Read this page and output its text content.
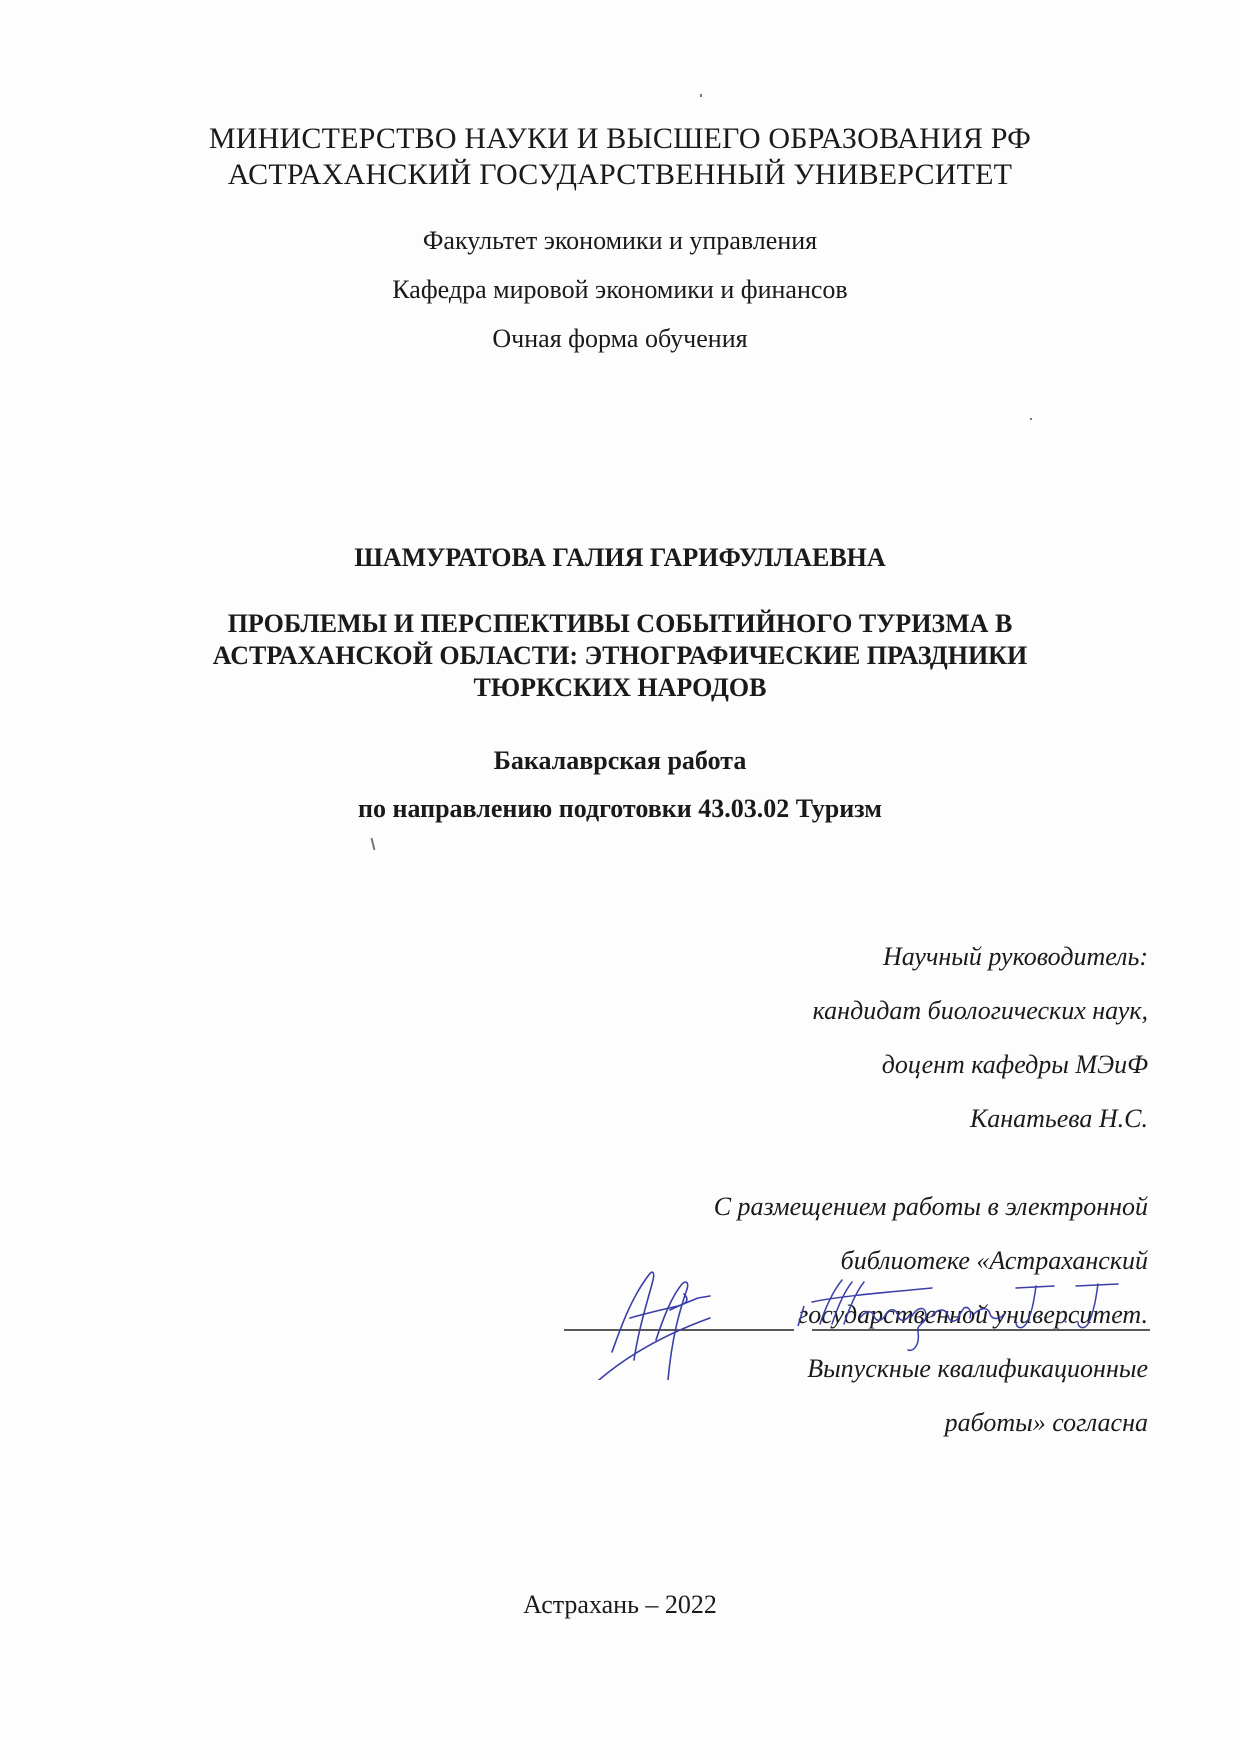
МИНИСТЕРСТВО НАУКИ И ВЫСШЕГО ОБРАЗОВАНИЯ РФ
АСТРАХАНСКИЙ ГОСУДАРСТВЕННЫЙ УНИВЕРСИТЕТ
Факультет экономики и управления
Кафедра мировой экономики и финансов
Очная форма обучения
ШАМУРАТОВА ГАЛИЯ ГАРИФУЛЛАЕВНА
ПРОБЛЕМЫ И ПЕРСПЕКТИВЫ СОБЫТИЙНОГО ТУРИЗМА В
АСТРАХАНСКОЙ ОБЛАСТИ: ЭТНОГРАФИЧЕСКИЕ ПРАЗДНИКИ
ТЮРКСКИХ НАРОДОВ
Бакалаврская работа
по направлению подготовки 43.03.02 Туризм
Научный руководитель:
кандидат биологических наук,
доцент кафедры МЭиФ
Канатьева Н.С.
С размещением работы в электронной
библиотеке «Астраханский
государственной университет.
Выпускные квалификационные
работы» согласна
Астрахань – 2022
